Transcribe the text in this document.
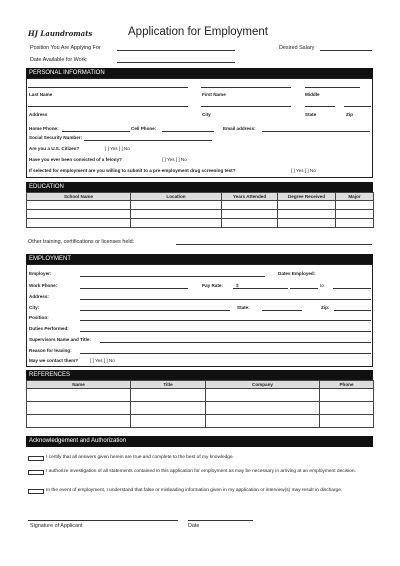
HJ Laundromats	Application for Employment
Position You Are Applying For	Desired Salary
Date Available for Work:
PERSONAL INFORMATION
Last Name	First Name	Middle
Address	City	State	Zip
Home Phone:	Cell Phone:	Email address:
Social Security Number:
Are you a U.S. Citizen?	[ ] Yes [ ] No
Have you ever been convicted of a felony?	[ ] Yes [ ] No
If selected for employment are you willing to submit to a pre-employment drug screening test?	[ ] Yes [ ] No
EDUCATION
School Name	Location	Years Attended	Degree Received	Major

Other training, certifications or licenses held:
EMPLOYMENT
Employer:	Dates Employed:
Work Phone:	Pay Rate:	$	to
Address:
City:	State:	Zip:
Position:
Duties Performed:
Supervisors Name and Title:
Reason for leaving:
May we contact them?	[ ] Yes [ ] No
REFERENCES
Name	Title	Company	Phone

Acknowledgement and Authorization
I certify that all answers given herein are true and complete to the best of my knowledge.
I authorize investigation of all statements contained in this application for employment as may be necessary in arriving at an employment decision.
In the event of employment, I understand that false or misleading information given in my application or interview(s) may result in discharge.
Signature of Applicant	Date
